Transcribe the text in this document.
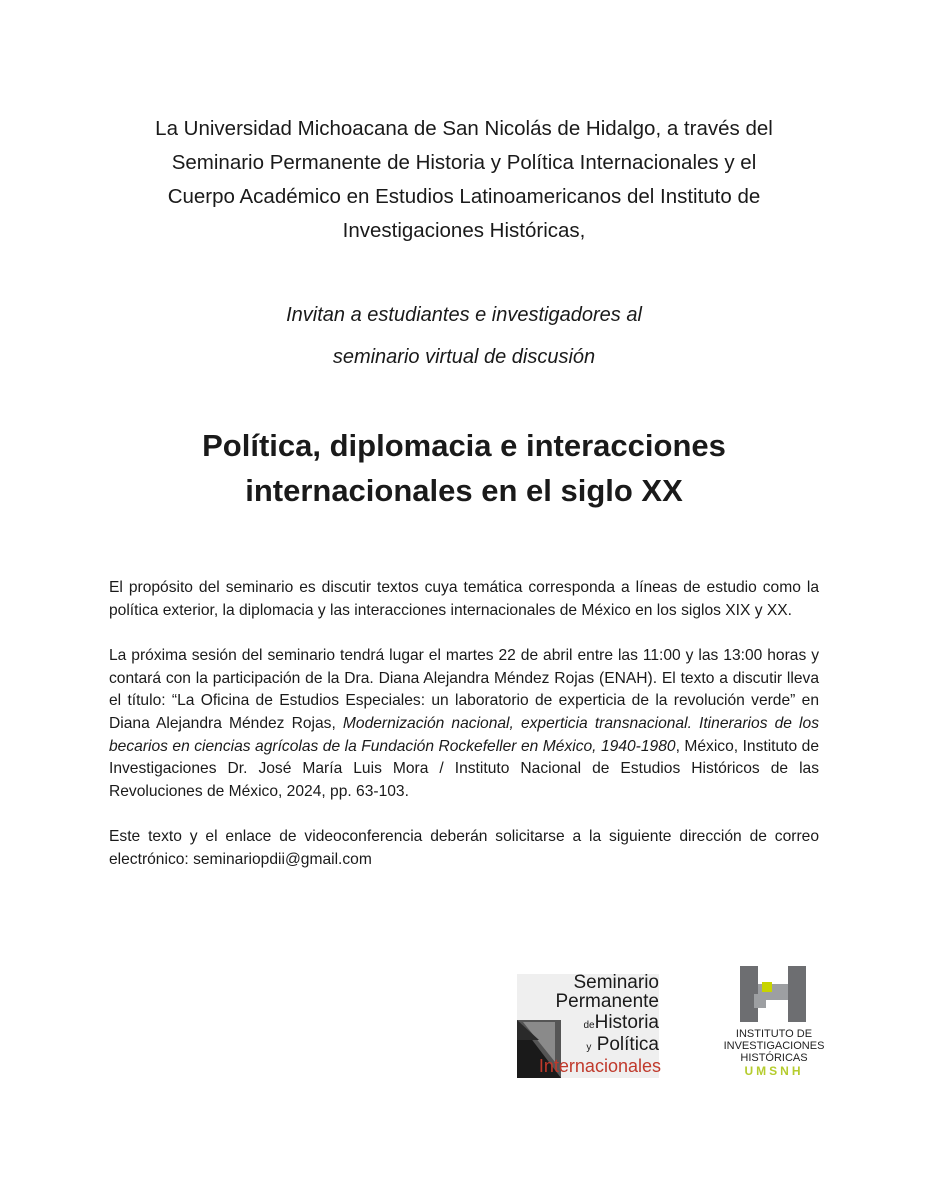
La Universidad Michoacana de San Nicolás de Hidalgo, a través del
Seminario Permanente de Historia y Política Internacionales y el
Cuerpo Académico en Estudios Latinoamericanos del Instituto de
Investigaciones Históricas,
Invitan a estudiantes e investigadores al
seminario virtual de discusión
Política, diplomacia e interacciones
internacionales en el siglo XX

El propósito del seminario es discutir textos cuya temática corresponda a líneas de estudio como la política exterior, la diplomacia y las interacciones internacionales de México en los siglos XIX y XX.

La próxima sesión del seminario tendrá lugar el martes 22 de abril entre las 11:00 y las 13:00 horas y contará con la participación de la Dra. Diana Alejandra Méndez Rojas (ENAH). El texto a discutir lleva el título: “La Oficina de Estudios Especiales: un laboratorio de experticia de la revolución verde” en Diana Alejandra Méndez Rojas, Modernización nacional, experticia transnacional. Itinerarios de los becarios en ciencias agrícolas de la Fundación Rockefeller en México, 1940-1980, México, Instituto de Investigaciones Dr. José María Luis Mora / Instituto Nacional de Estudios Históricos de las Revoluciones de México, 2024, pp. 63-103.

Este texto y el enlace de videoconferencia deberán solicitarse a la siguiente dirección de correo electrónico: seminariopdii@gmail.com

Seminario
Permanente
deHistoria
y Política
Internacionales
INSTITUTO DE
INVESTIGACIONES
HISTÓRICAS
UMSNH
